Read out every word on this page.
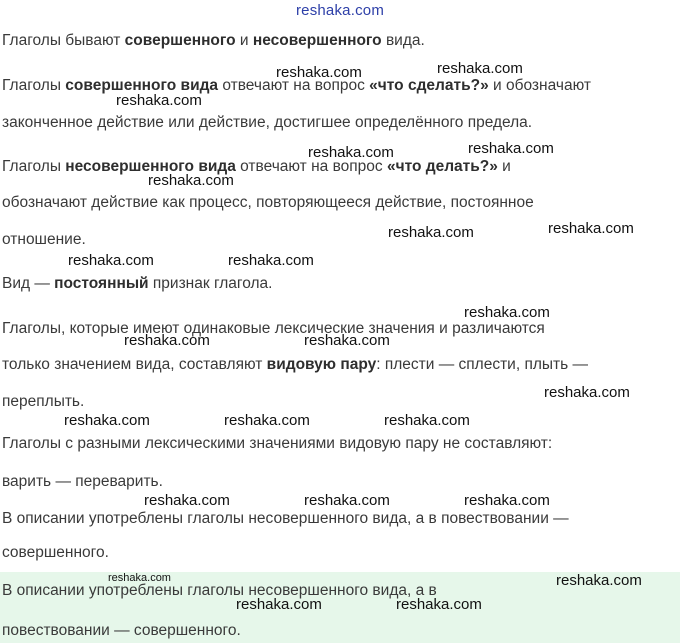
reshaka.com
Глаголы бывают совершенного и несовершенного вида.
Глаголы совершенного вида отвечают на вопрос «что сделать?» и обозначают
законченное действие или действие, достигшее определённого предела.
Глаголы несовершенного вида отвечают на вопрос «что делать?» и
обозначают действие как процесс, повторяющееся действие, постоянное
отношение.
Вид — постоянный признак глагола.
Глаголы, которые имеют одинаковые лексические значения и различаются
только значением вида, составляют видовую пару: плести — сплести, плыть —
переплыть.
Глаголы с разными лексическими значениями видовую пару не составляют:
варить — переварить.
В описании употреблены глаголы несовершенного вида, а в повествовании —
совершенного.
В описании употреблены глаголы несовершенного вида, а в
повествовании — совершенного.
reshaka.com	reshaka.com
reshaka.com
reshaka.com	reshaka.com
reshaka.com
reshaka.com	reshaka.com
reshaka.com	reshaka.com
reshaka.com
reshaka.com	reshaka.com
reshaka.com
reshaka.com	reshaka.com	reshaka.com
reshaka.com	reshaka.com	reshaka.com
reshaka.com
reshaka.com	reshaka.com
reshaka.com
